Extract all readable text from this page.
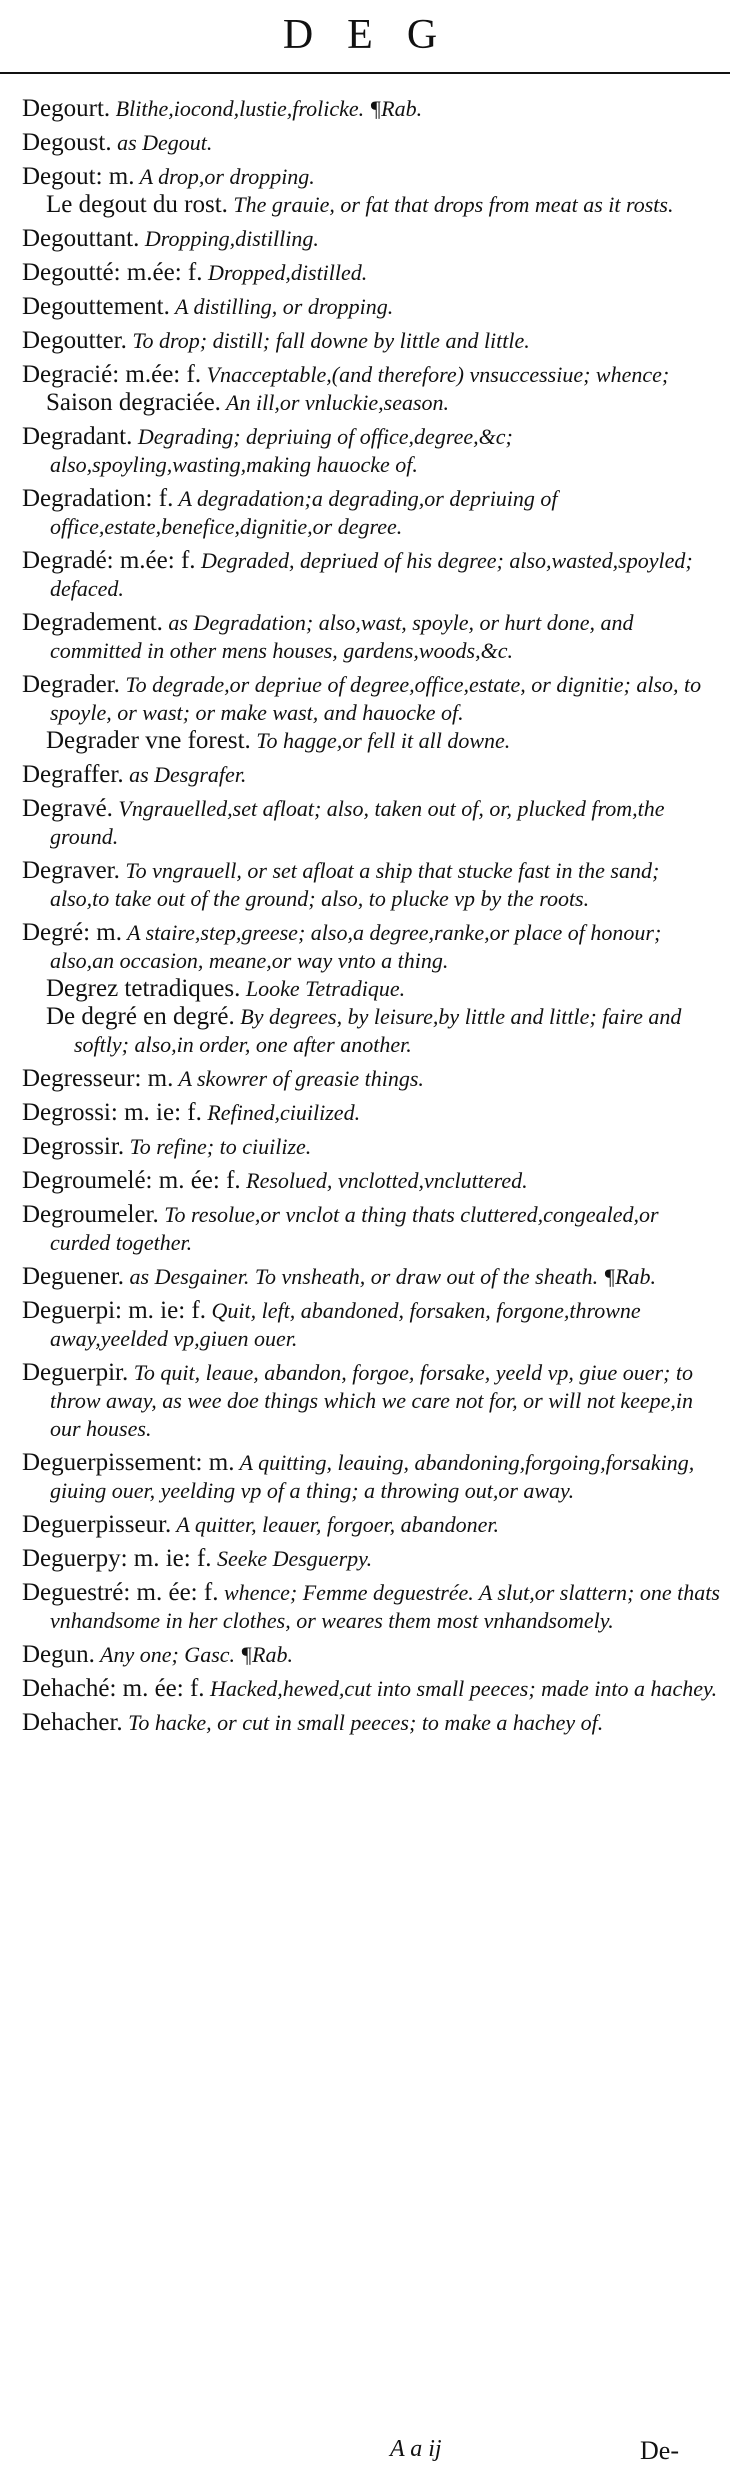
DEG

Degourt. Blithe,iocond,lustie,frolicke. ¶Rab.

Degoust. as Degout.

Degout: m. A drop,or dropping.

Le degout du rost. The grauie, or fat that drops from meat as it rosts.

Degouttant. Dropping,distilling.

Degoutté: m.ée: f. Dropped,distilled.

Degouttement. A distilling, or dropping.

Degoutter. To drop; distill; fall downe by little and little.

Degracié: m.ée: f. Vnacceptable,(and therefore) vnsuccessiue; whence;

Saison degraciée. An ill,or vnluckie,season.

Degradant. Degrading; depriuing of office,degree,&c; also,spoyling,wasting,making hauocke of.

Degradation: f. A degradation;a degrading,or depriuing of office,estate,benefice,dignitie,or degree.

Degradé: m.ée: f. Degraded, depriued of his degree; also,wasted,spoyled; defaced.

Degradement. as Degradation; also,wast, spoyle, or hurt done, and committed in other mens houses, gardens,woods,&c.

Degrader. To degrade,or depriue of degree,office,estate, or dignitie; also, to spoyle, or wast; or make wast, and hauocke of.

Degrader vne forest. To hagge,or fell it all downe.

Degraffer. as Desgrafer.

Degravé. Vngrauelled,set afloat; also, taken out of, or, plucked from,the ground.

Degraver. To vngrauell, or set afloat a ship that stucke fast in the sand; also,to take out of the ground; also, to plucke vp by the roots.

Degré: m. A staire,step,greese; also,a degree,ranke,or place of honour; also,an occasion, meane,or way vnto a thing.

Degrez tetradiques. Looke Tetradique.

De degré en degré. By degrees, by leisure,by little and little; faire and softly; also,in order, one after another.

Degresseur: m. A skowrer of greasie things.

Degrossi: m. ie: f. Refined,ciuilized.

Degrossir. To refine; to ciuilize.

Degroumelé: m. ée: f. Resolued, vnclotted,vncluttered.

Degroumeler. To resolue,or vnclot a thing thats cluttered,congealed,or curded together.

Deguener. as Desgainer. To vnsheath, or draw out of the sheath. ¶Rab.

Deguerpi: m. ie: f. Quit, left, abandoned, forsaken, forgone,throwne away,yeelded vp,giuen ouer.

Deguerpir. To quit, leaue, abandon, forgoe, forsake, yeeld vp, giue ouer; to throw away, as wee doe things which we care not for, or will not keepe,in our houses.

Deguerpissement: m. A quitting, leauing, abandoning,forgoing,forsaking, giuing ouer, yeelding vp of a thing; a throwing out,or away.

Deguerpisseur. A quitter, leauer, forgoer, abandoner.

Deguerpy: m. ie: f. Seeke Desguerpy.

Deguestré: m. ée: f. whence; Femme deguestrée. A slut,or slattern; one thats vnhandsome in her clothes, or weares them most vnhandsomely.

Degun. Any one; Gasc. ¶Rab.

Dehaché: m. ée: f. Hacked,hewed,cut into small peeces; made into a hachey.

Dehacher. To hacke, or cut in small peeces; to make a hachey of.

A a ij	De-
